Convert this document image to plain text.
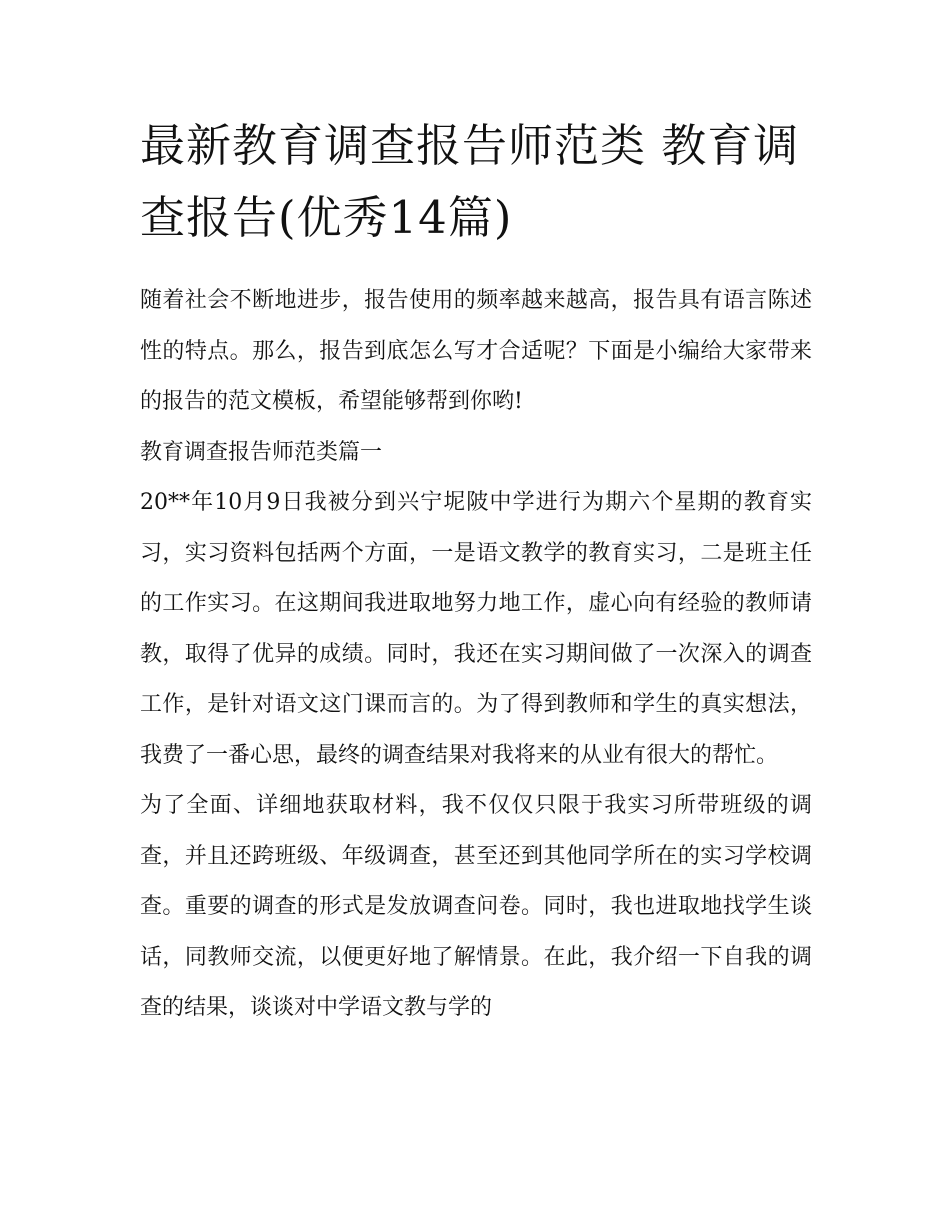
最新教育调查报告师范类 教育调查报告(优秀14篇)

随着社会不断地进步，报告使用的频率越来越高，报告具有语言陈述性的特点。那么，报告到底怎么写才合适呢？下面是小编给大家带来的报告的范文模板，希望能够帮到你哟!

教育调查报告师范类篇一

20**年10月9日我被分到兴宁坭陂中学进行为期六个星期的教育实习，实习资料包括两个方面，一是语文教学的教育实习，二是班主任的工作实习。在这期间我进取地努力地工作，虚心向有经验的教师请教，取得了优异的成绩。同时，我还在实习期间做了一次深入的调查工作，是针对语文这门课而言的。为了得到教师和学生的真实想法，我费了一番心思，最终的调查结果对我将来的从业有很大的帮忙。

为了全面、详细地获取材料，我不仅仅只限于我实习所带班级的调查，并且还跨班级、年级调查，甚至还到其他同学所在的实习学校调查。重要的调查的形式是发放调查问卷。同时，我也进取地找学生谈话，同教师交流，以便更好地了解情景。在此，我介绍一下自我的调查的结果，谈谈对中学语文教与学的
